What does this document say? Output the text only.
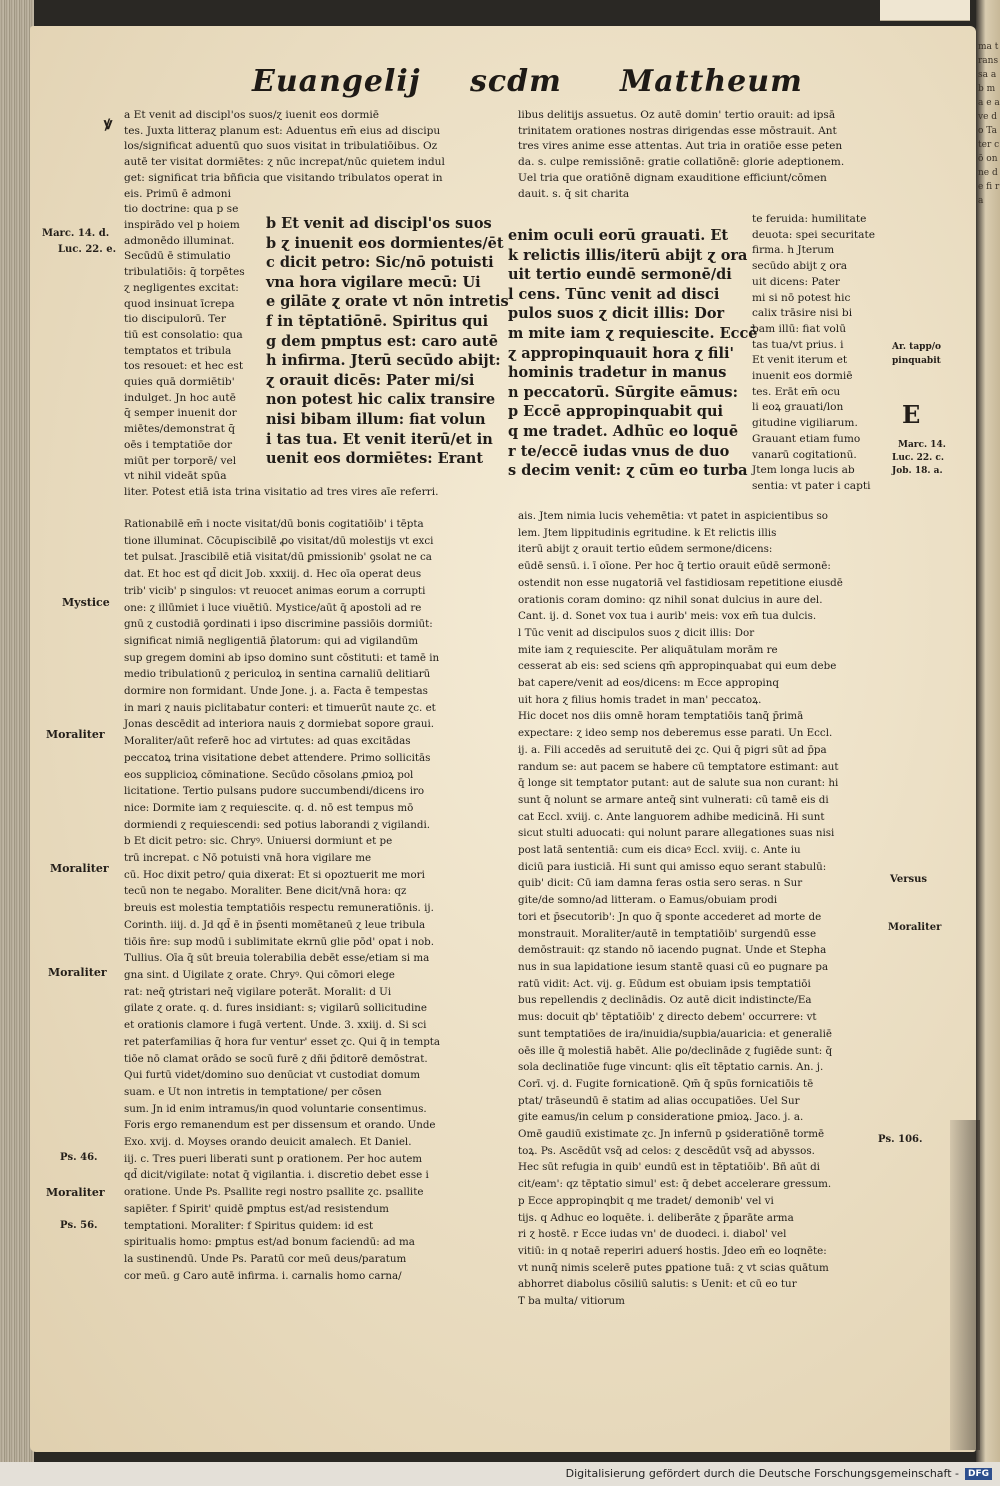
ma trans sa ab ma e a ve do Ta ter cō on ne de fi ra
Euangelij scdm Mattheum
ꝟ a Et venit ad discipl'os suos/ɀ iuenit eos dormiē
tes. Juxta litteraɀ planum est: Aduentus em̄ eius ad discipu
los/significat aduentū quo suos visitat in tribulatiōibus. Oz
autē ter visitat dormiētes: ɀ nūc increpat/nūc quietem indul
get: significat tria bñficia que visitando tribulatos operat in
eis. Primū ē admoni
tio doctrine: qua p se
inspirādo vel p hoiem
admonēdo illuminat.
Secūdū ē stimulatio
tribulatiōis: q̄ torpētes
ɀ negligentes excitat:
quod insinuat īcrepa
tio discipulorū. Ter
tiū est consolatio: qua
temptatos et tribula
tos resouet: et hec est
quies quā dormiētib'
indulget. Jn hoc autē
q̄ semper inuenit dor
miētes/demonstrat q̄
oēs i temptatiōe dor
miūt per torporē/ vel
vt nihil videāt spūa
liter. Potest etiā ista trina visitatio ad tres vires aīe referri.
b Et venit ad discipl'os suos
b ɀ inuenit eos dormientes/ēt
c dicit petro: Sic/nō potuisti
vna hora vigilare mecū: Ui
e gilāte ɀ orate vt nōn intretis
f in tēptatiōnē. Spiritus qui
g dem pmptus est: caro autē
h infirma. Jterū secūdo abijt:
ɀ orauit dicēs: Pater mi/si
non potest hic calix transire
nisi bibam illum: fiat volun
i tas tua. Et venit iterū/et in
uenit eos dormiētes: Erant
libus delitijs assuetus. Oz autē domin' tertio orauit: ad ipsā
trinitatem orationes nostras dirigendas esse mōstrauit. Ant
tres vires anime esse attentas. Aut tria in oratiōe esse peten
da. s. culpe remissiōnē: gratie collatiōnē: glorie adeptionem.
Uel tria que oratiōnē dignam exauditione efficiunt/cōmen
dauit. s. q̄ sit charita
enim oculi eorū grauati. Et
k relictis illis/iterū abijt ɀ ora
uit tertio eundē sermonē/di
l cens. Tūnc venit ad disci
pulos suos ɀ dicit illis: Dor
m mite iam ɀ requiescite. Eccē
ɀ appropinquauit hora ɀ fili'
hominis tradetur in manus
n peccatorū. Sūrgite eāmus:
p Eccē appropinquabit qui
q me tradet. Adhūc eo loquē
r te/eccē iudas vnus de duo
s decim venit: ɀ cūm eo turba
te feruida: humilitate
deuota: spei securitate
firma. h Jterum
secūdo abijt ɀ ora
uit dicens: Pater
mi si nō potest hic
calix trāsire nisi bi
bam illū: fiat volū
tas tua/vt prius. i
Et venit iterum et
inuenit eos dormiē
tes. Erāt em̄ ocu
li eoꝝ grauati/lon
gitudine vigiliarum.
Grauant etiam fumo
vanarū cogitationū.
Jtem longa lucis ab
sentia: vt pater i capti
Rationabilē em̄ i nocte visitat/dū bonis cogitatiōib' i tēpta
tione illuminat. Cōcupiscibilē ꝓo visitat/dū molestijs vt exci
tet pulsat. Jrascibilē etiā visitat/dū ꝑmissionib' ꝯsolat ne ca
dat. Et hoc est qd̄ dicit Job. xxxiij. d. Hec oīa operat deus
trib' vicib' p singulos: vt reuocet animas eorum a corrupti
one: ɀ illūmiet i luce viuētiū. Mystice/aūt q̄ apostoli ad re
gnū ɀ custodiā ꝯordinati i ipso discrimine passiōis dormiūt:
significat nimiā negligentiā p̄latorum: qui ad vigilandūm
sup gregem domini ab ipso domino sunt cōstituti: et tamē in
medio tribulationū ɀ periculoꝝ in sentina carnaliū delitiarū
dormire non formidant. Unde Jone. j. a. Facta ē tempestas
in mari ɀ nauis piclitabatur conteri: et timuerūt naute ɀc. et
Jonas descēdit ad interiora nauis ɀ dormiebat sopore graui.
Moraliter/aūt referē hoc ad virtutes: ad quas excitādas
peccatoꝝ trina visitatione debet attendere. Primo sollicitās
eos supplicioꝝ cōminatione. Secūdo cōsolans ꝓmioꝝ pol
licitatione. Tertio pulsans pudore succumbendi/dicens iro
nice: Dormite iam ɀ requiescite. q. d. nō est tempus mō
dormiendi ɀ requiescendi: sed potius laborandi ɀ vigilandi.
b Et dicit petro: sic. Chryꝰ. Uniuersi dormiunt et pe
trū increpat. c Nō potuisti vnā hora vigilare me
cū. Hoc dixit petro/ quia dixerat: Et si opoztuerit me mori
tecū non te negabo. Moraliter. Bene dicit/vnā hora: qz
breuis est molestia temptatiōis respectu remuneratiōnis. ij.
Corinth. iiij. d. Jd qd̄ ē in p̄senti momētaneū ɀ leue tribula
tiōis n̄re: sup modū i sublimitate ekrnū glie pōd' opat i nob.
Tullius. Oīa q̄ sūt breuia tolerabilia debēt esse/etiam si ma
gna sint. d Uigilate ɀ orate. Chryꝰ. Qui cōmori elege
rat: neq̄ ꝯtristari neq̄ vigilare poterāt. Moralit: d Ui
gilate ɀ orate. q. d. fures insidiant: s; vigilarū sollicitudine
et orationis clamore i fugā vertent. Unde. 3. xxiij. d. Si sci
ret paterfamilias q̄ hora fur ventur' esset ɀc. Qui q̄ in tempta
tiōe nō clamat orādo se socū furē ɀ dñi p̄ditorē demōstrat.
Qui furtū videt/domino suo denūciat vt custodiat domum
suam. e Ut non intretis in temptatione/ per cōsen
sum. Jn id enim intramus/in quod voluntarie consentimus.
Foris ergo remanendum est per dissensum et orando. Unde
Exo. xvij. d. Moyses orando deuicit amalech. Et Daniel.
iij. c. Tres pueri liberati sunt p orationem. Per hoc autem
qd̄ dicit/vigilate: notat q̄ vigilantia. i. discretio debet esse i
oratione. Unde Ps. Psallite regi nostro psallite ɀc. psallite
sapiēter. f Spirit' quidē ꝑmptus est/ad resistendum
temptationi. Moraliter: f Spiritus quidem: id est
spiritualis homo: ꝑmptus est/ad bonum faciendū: ad ma
la sustinendū. Unde Ps. Paratū cor meū deus/paratum
cor meū. g Caro autē infirma. i. carnalis homo carna/
ais. Jtem nimia lucis vehemētia: vt patet in aspicientibus so
lem. Jtem lippitudinis egritudine. k Et relictis illis
iterū abijt ɀ orauit tertio eūdem sermone/dicens:
eūdē sensū. i. ī oīone. Per hoc q̄ tertio orauit eūdē sermonē:
ostendit non esse nugatoriā vel fastidiosam repetitione eiusdē
orationis coram domino: qz nihil sonat dulcius in aure del.
Cant. ij. d. Sonet vox tua i aurib' meis: vox em̄ tua dulcis.
l Tūc venit ad discipulos suos ɀ dicit illis: Dor
mite iam ɀ requiescite. Per aliquātulam morām re
cesserat ab eis: sed sciens qm̄ appropinquabat qui eum debe
bat capere/venit ad eos/dicens: m Ecce appropinq
uit hora ɀ filius homis tradet in man' peccatoꝝ.
Hic docet nos diis omnē horam temptatiōis tanq̄ p̄rimā
expectare: ɀ ideo semp nos deberemus esse parati. Un Eccl.
ij. a. Fili accedēs ad seruitutē dei ɀc. Qui q̄ pigri sūt ad p̄pa
randum se: aut pacem se habere cū temptatore estimant: aut
q̄ longe sit temptator putant: aut de salute sua non curant: hi
sunt q̄ nolunt se armare anteq̄ sint vulnerati: cū tamē eis di
cat Eccl. xviij. c. Ante languorem adhibe medicinā. Hi sunt
sicut stulti aduocati: qui nolunt parare allegationes suas nisi
post latā sententiā: cum eis dicaꝰ Eccl. xviij. c. Ante iu
diciū para iusticiā. Hi sunt qui amisso equo serant stabulū:
quib' dicit: Cū iam damna feras ostia sero seras. n Sur
gite/de somno/ad litteram. o Eamus/obuiam prodi
tori et p̄secutorib': Jn quo q̄ sponte accederet ad morte de
monstrauit. Moraliter/autē in temptatiōib' surgendū esse
demōstrauit: qz stando nō iacendo pugnat. Unde et Stepha
nus in sua lapidatione iesum stantē quasi cū eo pugnare pa
ratū vidit: Act. vij. g. Eūdum est obuiam ipsis temptatiōi
bus repellendis ɀ declinādis. Oz autē dicit indistincte/Ea
mus: docuit qb' tēptatiōib' ɀ directo debem' occurrere: vt
sunt temptatiōes de ira/inuidia/supbia/auaricia: et generaliē
oēs ille q̄ molestiā habēt. Alie ꝑo/declināde ɀ fugiēde sunt: q̄
sola declinatiōe fuge vincunt: qlis eīt tēptatio carnis. An. j.
Corī. vj. d. Fugite fornicationē. Qm̄ q̄ spūs fornicatiōis tē
ptat/ trāseundū ē statim ad alias occupatiōes. Uel Sur
gite eamus/in celum p consideratione ꝑmioꝝ. Jaco. j. a.
Omē gaudiū existimate ɀc. Jn infernū p ꝯsideratiōnē tormē
toꝝ. Ps. Ascēdūt vsq̄ ad celos: ɀ descēdūt vsq̄ ad abyssos.
Hec sūt refugia in quib' eundū est in tēptatiōib'. Bñ aūt di
cit/eam': qz tēptatio simul' est: q̄ debet accelerare gressum.
p Ecce appropinqbit q me tradet/ demonib' vel vi
tijs. q Adhuc eo loquēte. i. deliberāte ɀ p̄parāte arma
ri ɀ hostē. r Ecce iudas vn' de duodeci. i. diabol' vel
vitiū: in q notaē reperiri aduerś hostis. Jdeo em̄ eo loqnēte:
vt nunq̄ nimis scelerē putes ꝑpatione tuā: ɀ vt scias quātum
abhorret diabolus cōsiliū salutis: s Uenit: et cū eo tur
T ba multa/ vitiorum
Marc. 14. d.
Luc. 22. e.
Mystice
Moraliter
Moraliter
Moraliter
Ps. 46.
Moraliter
Ps. 56.
Ar. tapp/o
pinquabit
E
Marc. 14.
Luc. 22. c.
Job. 18. a.
Versus
Moraliter
Ps. 106.
Digitalisierung gefördert durch die Deutsche Forschungsgemeinschaft - DFG
